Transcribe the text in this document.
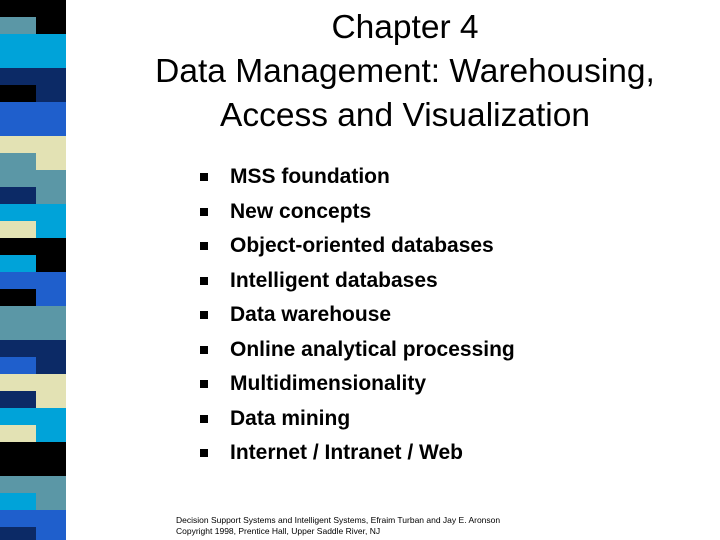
Chapter 4
Data Management: Warehousing,
Access and Visualization
MSS foundation
New concepts
Object-oriented databases
Intelligent databases
Data warehouse
Online analytical processing
Multidimensionality
Data mining
Internet / Intranet / Web
Decision Support Systems and Intelligent Systems, Efraim Turban and Jay E. Aronson
Copyright 1998, Prentice Hall, Upper Saddle River, NJ
